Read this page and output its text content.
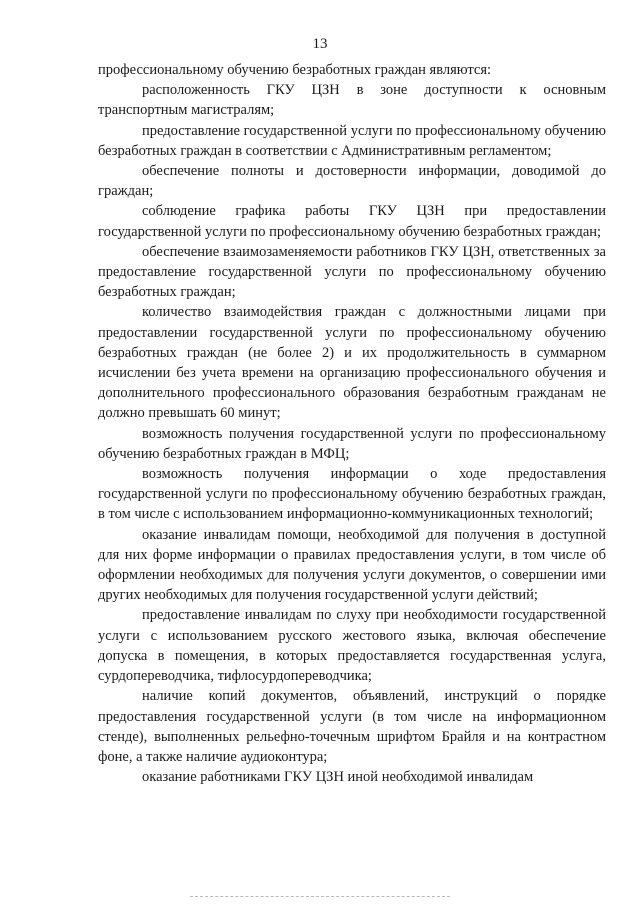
13

профессиональному обучению безработных граждан являются:

расположенность ГКУ ЦЗН в зоне доступности к основным транспортным магистралям;

предоставление государственной услуги по профессиональному обучению безработных граждан в соответствии с Административным регламентом;

обеспечение полноты и достоверности информации, доводимой до граждан;

соблюдение графика работы ГКУ ЦЗН при предоставлении государственной услуги по профессиональному обучению безработных граждан;

обеспечение взаимозаменяемости работников ГКУ ЦЗН, ответственных за предоставление государственной услуги по профессиональному обучению безработных граждан;

количество взаимодействия граждан с должностными лицами при предоставлении государственной услуги по профессиональному обучению безработных граждан (не более 2) и их продолжительность в суммарном исчислении без учета времени на организацию профессионального обучения и дополнительного профессионального образования безработным гражданам не должно превышать 60 минут;

возможность получения государственной услуги по профессиональному обучению безработных граждан в МФЦ;

возможность получения информации о ходе предоставления государственной услуги по профессиональному обучению безработных граждан, в том числе с использованием информационно-коммуникационных технологий;

оказание инвалидам помощи, необходимой для получения в доступной для них форме информации о правилах предоставления услуги, в том числе об оформлении необходимых для получения услуги документов, о совершении ими других необходимых для получения государственной услуги действий;

предоставление инвалидам по слуху при необходимости государственной услуги с использованием русского жестового языка, включая обеспечение допуска в помещения, в которых предоставляется государственная услуга, сурдопереводчика, тифлосурдопереводчика;

наличие копий документов, объявлений, инструкций о порядке предоставления государственной услуги (в том числе на информационном стенде), выполненных рельефно-точечным шрифтом Брайля и на контрастном фоне, а также наличие аудиоконтура;

оказание работниками ГКУ ЦЗН иной необходимой инвалидам
